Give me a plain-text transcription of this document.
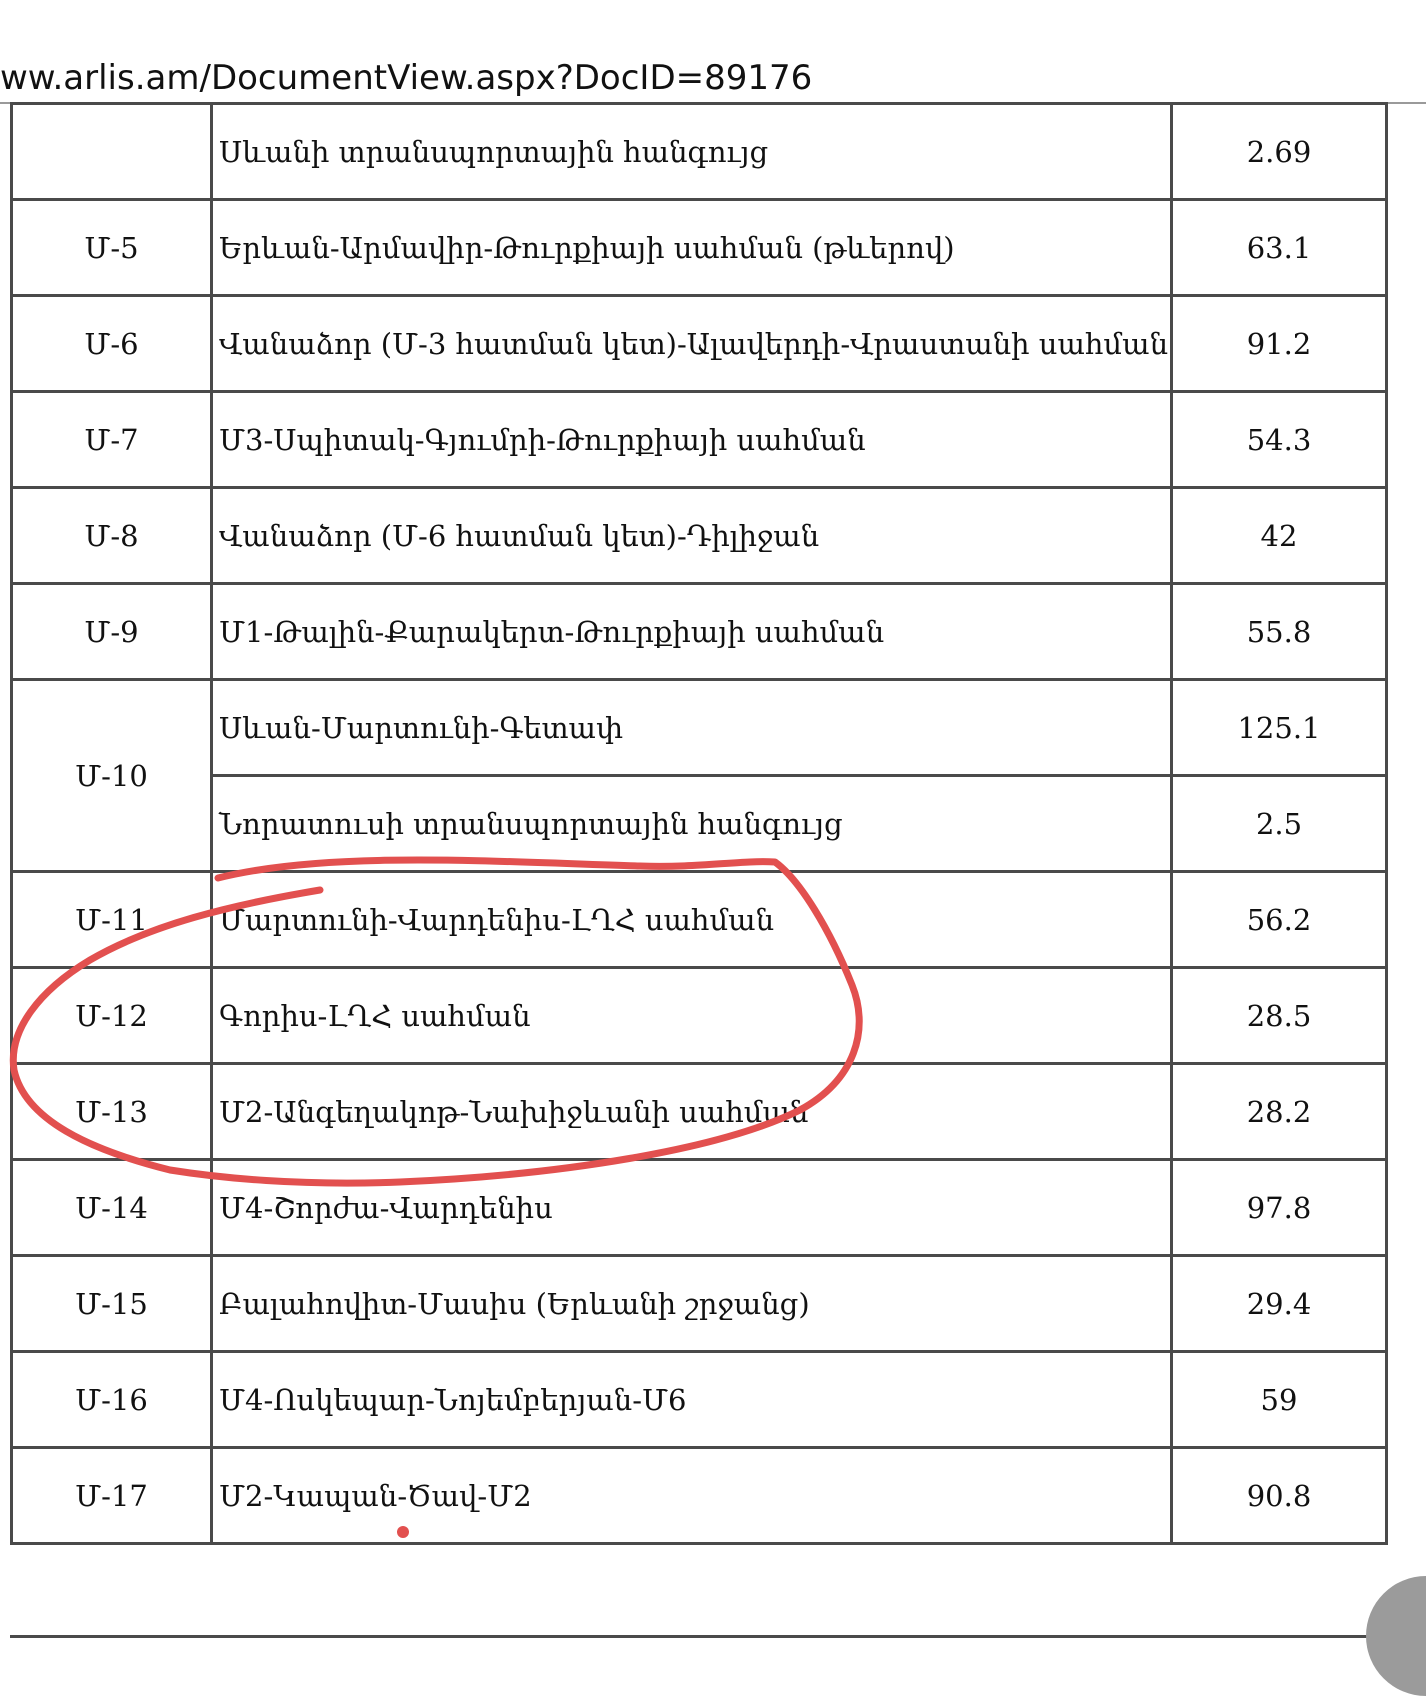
ww.arlis.am/DocumentView.aspx?DocID=89176
	Սևանի տրանսպորտային հանգույց	2.69
Մ-5	Երևան-Արմավիր-Թուրքիայի սահման (թևերով)	63.1
Մ-6	Վանաձոր (Մ-3 հատման կետ)-Ալավերդի-Վրաստանի սահման	91.2
Մ-7	Մ3-Սպիտակ-Գյումրի-Թուրքիայի սահման	54.3
Մ-8	Վանաձոր (Մ-6 հատման կետ)-Դիլիջան	42
Մ-9	Մ1-Թալին-Քարակերտ-Թուրքիայի սահման	55.8
Մ-10	Սևան-Մարտունի-Գետափ	125.1
	Նորատուսի տրանսպորտային հանգույց	2.5
Մ-11	Մարտունի-Վարդենիս-ԼՂՀ սահման	56.2
Մ-12	Գորիս-ԼՂՀ սահման	28.5
Մ-13	Մ2-Անգեղակոթ-Նախիջևանի սահման	28.2
Մ-14	Մ4-Շորժա-Վարդենիս	97.8
Մ-15	Բալահովիտ-Մասիս (Երևանի շրջանց)	29.4
Մ-16	Մ4-Ոսկեպար-Նոյեմբերյան-Մ6	59
Մ-17	Մ2-Կապան-Ծավ-Մ2	90.8
